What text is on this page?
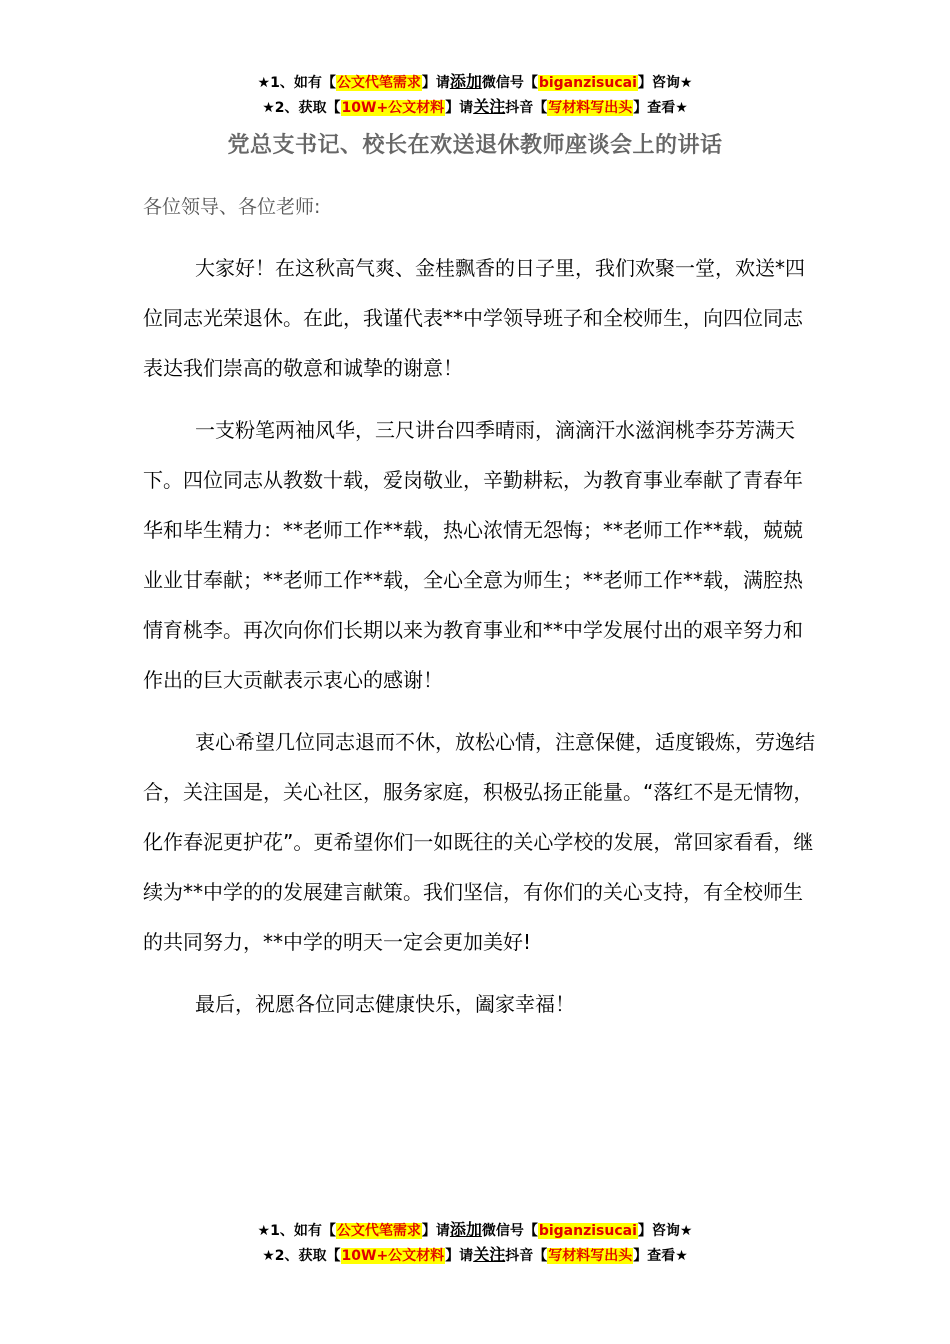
★1、如有【公文代笔需求】请添加微信号【biganzisucai】咨询★
★2、获取【10W+公文材料】请关注抖音【写材料写出头】查看★
党总支书记、校长在欢送退休教师座谈会上的讲话
各位领导、各位老师:

大家好！在这秋高气爽、金桂飘香的日子里，我们欢聚一堂，欢送*四位同志光荣退休。在此，我谨代表**中学领导班子和全校师生，向四位同志表达我们崇高的敬意和诚挚的谢意！

一支粉笔两袖风华，三尺讲台四季晴雨，滴滴汗水滋润桃李芬芳满天下。四位同志从教数十载，爱岗敬业，辛勤耕耘，为教育事业奉献了青春年华和毕生精力：**老师工作**载，热心浓情无怨悔；**老师工作**载，兢兢业业甘奉献；**老师工作**载，全心全意为师生；**老师工作**载，满腔热情育桃李。再次向你们长期以来为教育事业和**中学发展付出的艰辛努力和作出的巨大贡献表示衷心的感谢！

衷心希望几位同志退而不休，放松心情，注意保健，适度锻炼，劳逸结合，关注国是，关心社区，服务家庭，积极弘扬正能量。“落红不是无情物，化作春泥更护花”。更希望你们一如既往的关心学校的发展，常回家看看，继续为**中学的的发展建言献策。我们坚信，有你们的关心支持，有全校师生的共同努力，**中学的明天一定会更加美好!

最后，祝愿各位同志健康快乐，阖家幸福！

★1、如有【公文代笔需求】请添加微信号【biganzisucai】咨询★
★2、获取【10W+公文材料】请关注抖音【写材料写出头】查看★
